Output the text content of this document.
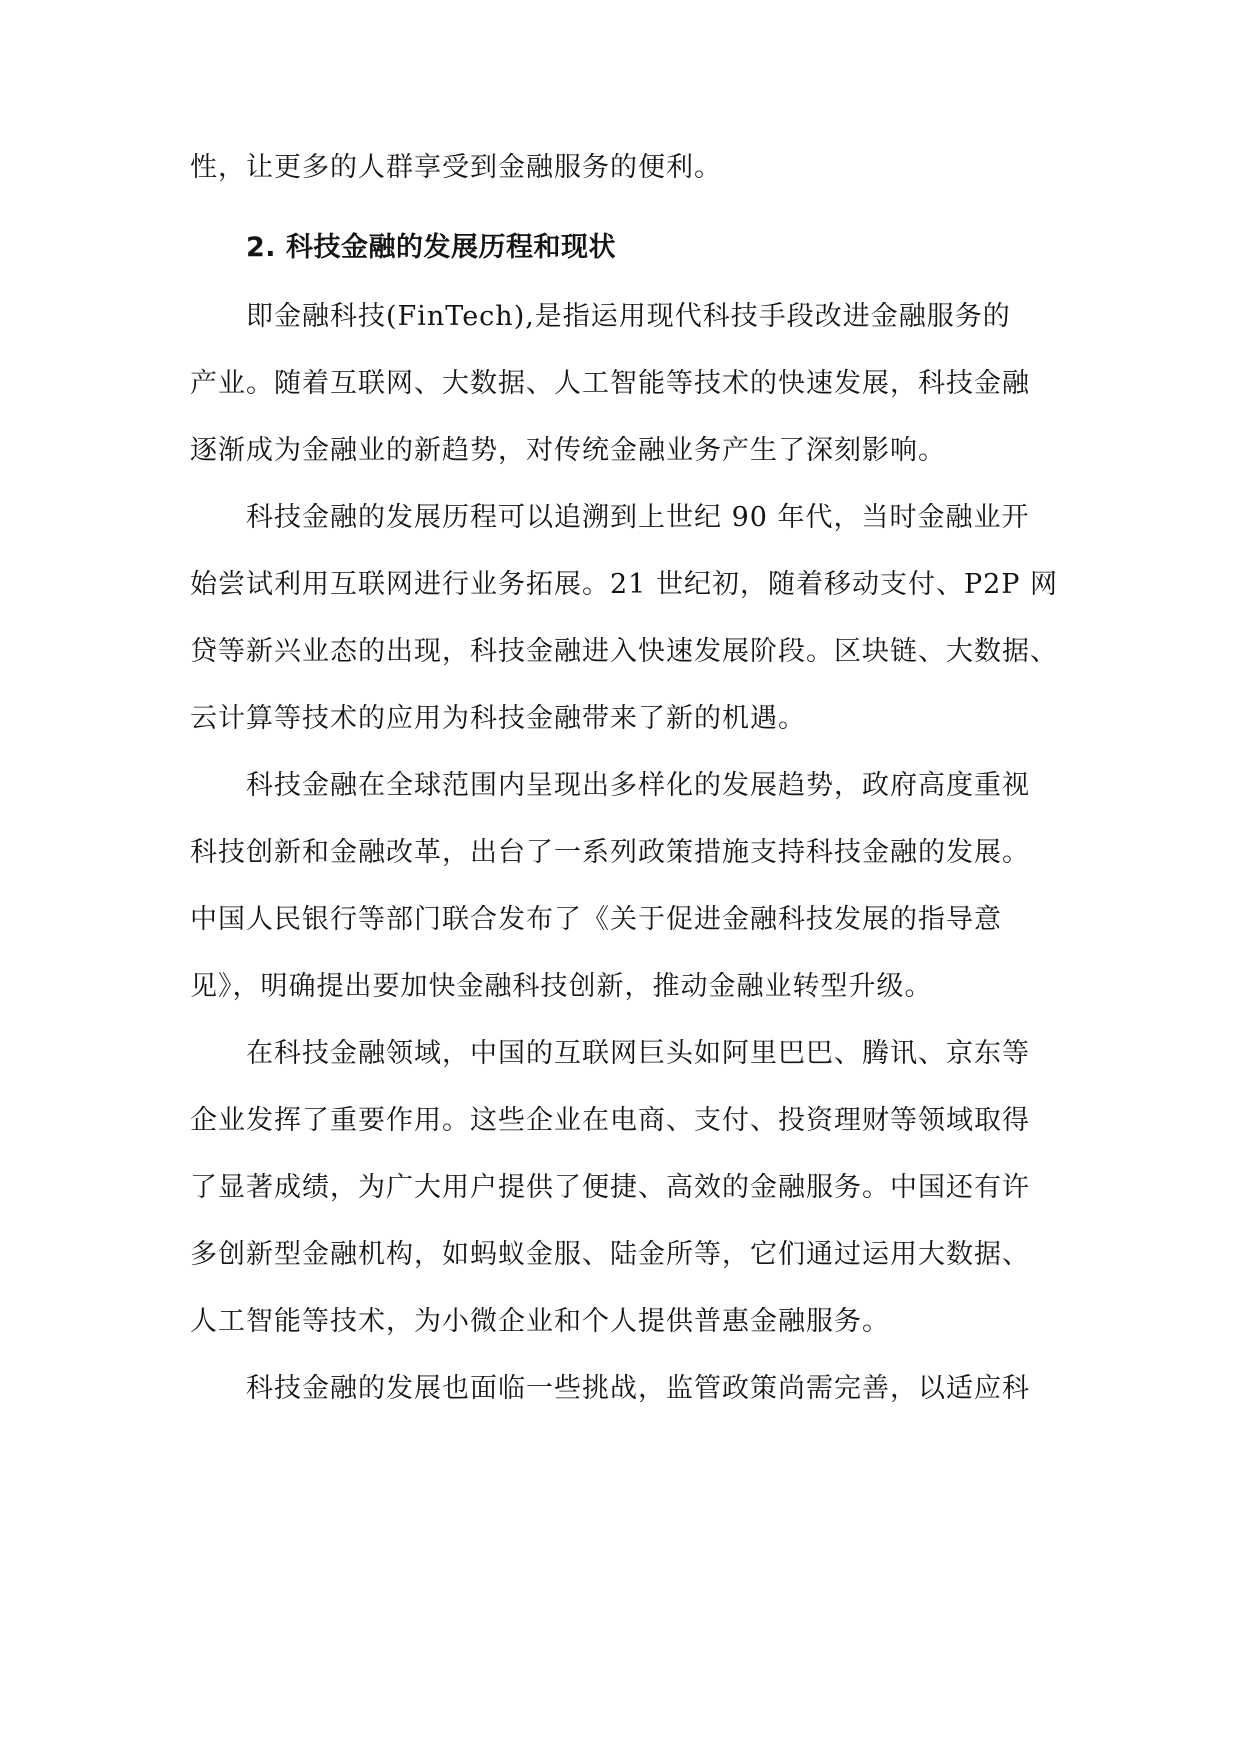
性，让更多的人群享受到金融服务的便利。

2. 科技金融的发展历程和现状

即金融科技(FinTech),是指运用现代科技手段改进金融服务的

产业。随着互联网、大数据、人工智能等技术的快速发展，科技金融

逐渐成为金融业的新趋势，对传统金融业务产生了深刻影响。

科技金融的发展历程可以追溯到上世纪 90 年代，当时金融业开

始尝试利用互联网进行业务拓展。21 世纪初，随着移动支付、P2P 网

贷等新兴业态的出现，科技金融进入快速发展阶段。区块链、大数据、

云计算等技术的应用为科技金融带来了新的机遇。

科技金融在全球范围内呈现出多样化的发展趋势，政府高度重视

科技创新和金融改革，出台了一系列政策措施支持科技金融的发展。

中国人民银行等部门联合发布了《关于促进金融科技发展的指导意

见》，明确提出要加快金融科技创新，推动金融业转型升级。

在科技金融领域，中国的互联网巨头如阿里巴巴、腾讯、京东等

企业发挥了重要作用。这些企业在电商、支付、投资理财等领域取得

了显著成绩，为广大用户提供了便捷、高效的金融服务。中国还有许

多创新型金融机构，如蚂蚁金服、陆金所等，它们通过运用大数据、

人工智能等技术，为小微企业和个人提供普惠金融服务。

科技金融的发展也面临一些挑战，监管政策尚需完善，以适应科
